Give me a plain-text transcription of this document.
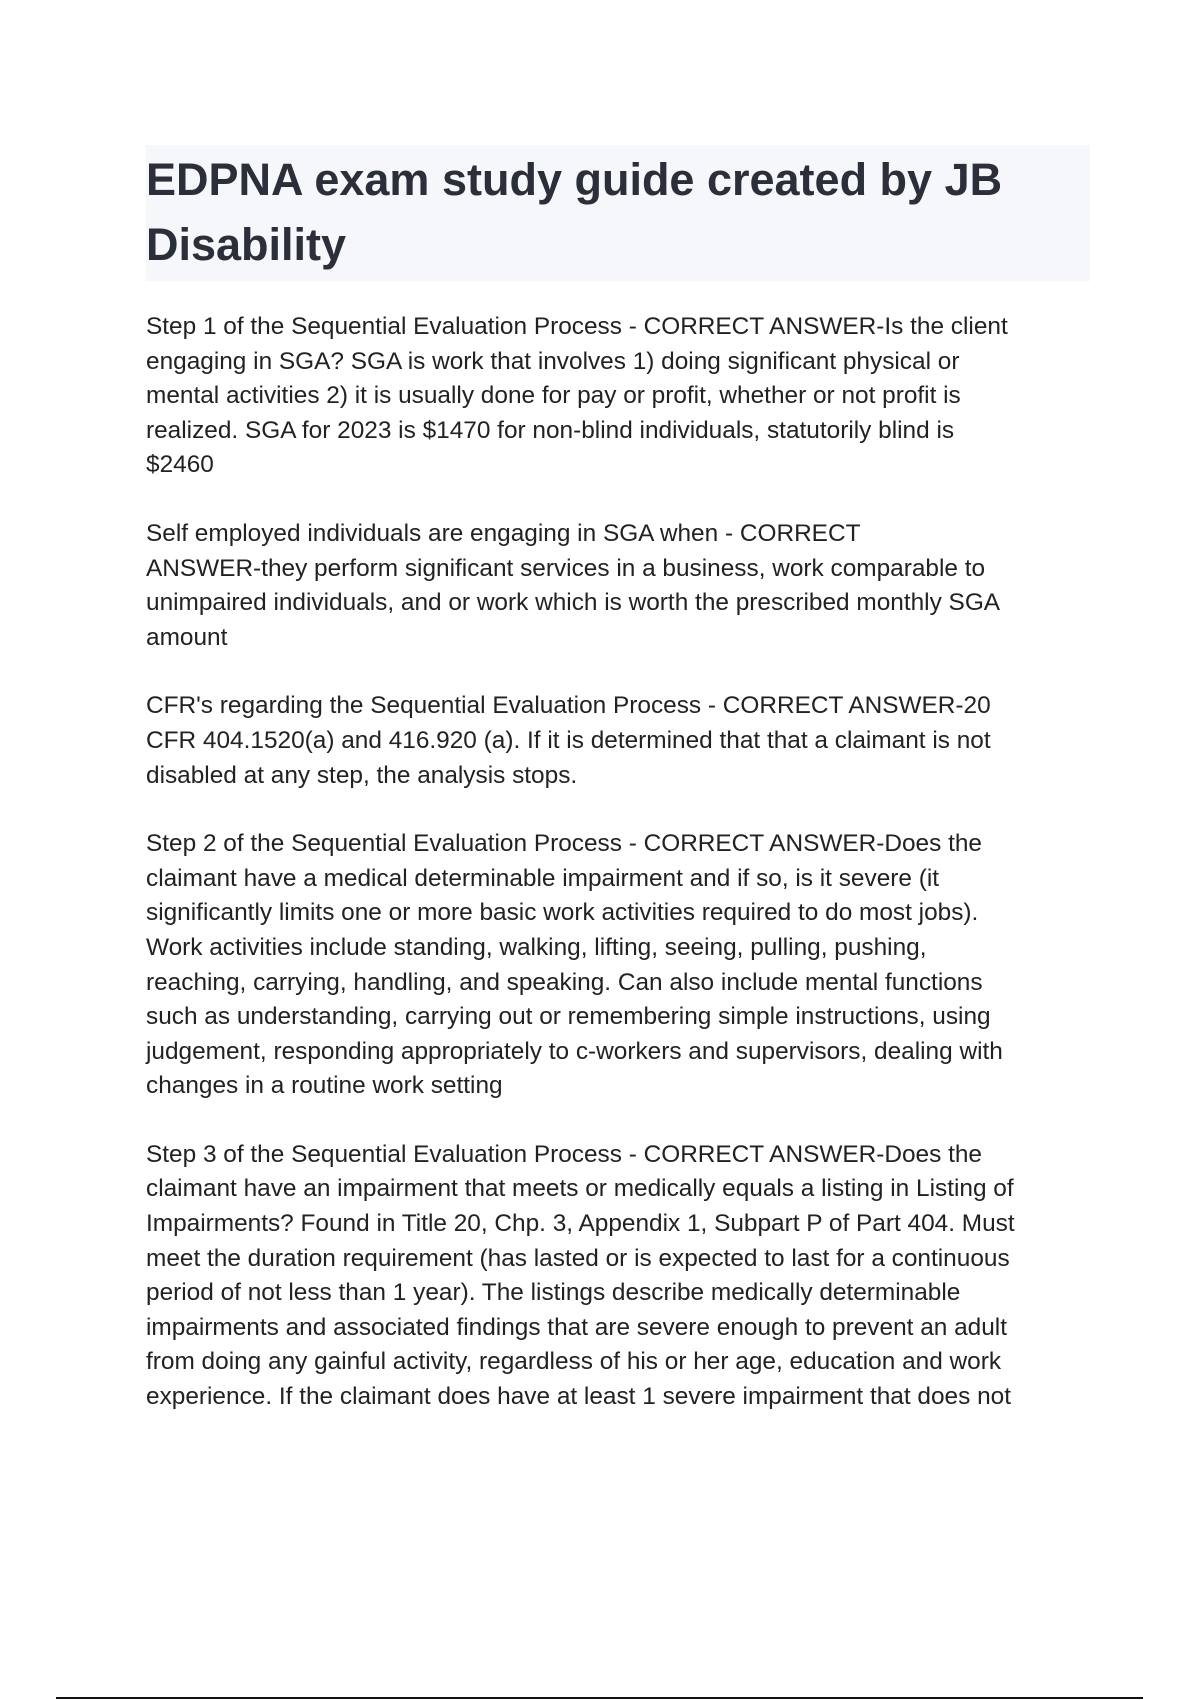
EDPNA exam study guide created by JB Disability

Step 1 of the Sequential Evaluation Process - CORRECT ANSWER-Is the client
engaging in SGA? SGA is work that involves 1) doing significant physical or
mental activities 2) it is usually done for pay or profit, whether or not profit is
realized. SGA for 2023 is $1470 for non-blind individuals, statutorily blind is
$2460

Self employed individuals are engaging in SGA when - CORRECT
ANSWER-they perform significant services in a business, work comparable to
unimpaired individuals, and or work which is worth the prescribed monthly SGA
amount

CFR's regarding the Sequential Evaluation Process - CORRECT ANSWER-20
CFR 404.1520(a) and 416.920 (a). If it is determined that that a claimant is not
disabled at any step, the analysis stops.

Step 2 of the Sequential Evaluation Process - CORRECT ANSWER-Does the
claimant have a medical determinable impairment and if so, is it severe (it
significantly limits one or more basic work activities required to do most jobs).
Work activities include standing, walking, lifting, seeing, pulling, pushing,
reaching, carrying, handling, and speaking. Can also include mental functions
such as understanding, carrying out or remembering simple instructions, using
judgement, responding appropriately to c-workers and supervisors, dealing with
changes in a routine work setting

Step 3 of the Sequential Evaluation Process - CORRECT ANSWER-Does the
claimant have an impairment that meets or medically equals a listing in Listing of
Impairments? Found in Title 20, Chp. 3, Appendix 1, Subpart P of Part 404. Must
meet the duration requirement (has lasted or is expected to last for a continuous
period of not less than 1 year). The listings describe medically determinable
impairments and associated findings that are severe enough to prevent an adult
from doing any gainful activity, regardless of his or her age, education and work
experience. If the claimant does have at least 1 severe impairment that does not
